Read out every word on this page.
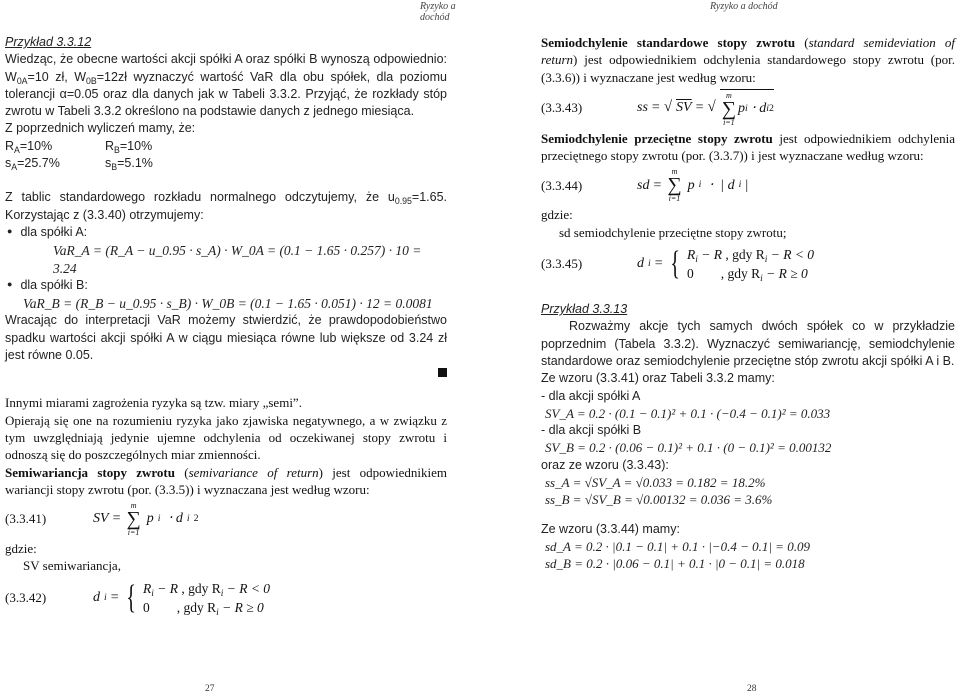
Ryzyko a dochód
Przykład 3.3.12

Wiedząc, że obecne wartości akcji spółki A oraz spółki B wynoszą odpowiednio: $W_{0A}=10$ zł, $W_{0B}=12zł$ wyznaczyć wartość VaR dla obu spółek, dla poziomu tolerancji α=0.05 oraz dla danych jak w Tabeli 3.3.2. Przyjąć, że rozkłady stóp zwrotu w Tabeli 3.3.2 określono na podstawie danych z jednego miesiąca.

Z poprzednich wyliczeń mamy, że:
$R_A=10\%$	$R_B=10\%$
$s_A=25.7\%$	$s_B=5.1\%$

Z tablic standardowego rozkładu normalnego odczytujemy, że $u_{0.95}=1.65$. Korzystając z (3.3.40) otrzymujemy:

● dla spółki A:
VaR_A = (R_A − u_0.95 · s_A) · W_0A = (0.1 − 1.65 · 0.257) · 10 = 3.24
● dla spółki B:
VaR_B = (R_B − u_0.95 · s_B) · W_0B = (0.1 − 1.65 · 0.051) · 12 = 0.0081

Wracając do interpretacji VaR możemy stwierdzić, że prawdopodobieństwo spadku wartości akcji spółki A w ciągu miesiąca równe lub większe od 3.24 zł jest równe 0.05.

Innymi miarami zagrożenia ryzyka są tzw. miary „semi”.

Opierają się one na rozumieniu ryzyka jako zjawiska negatywnego, a w związku z tym uwzględniają jedynie ujemne odchylenia od oczekiwanej stopy zwrotu i odnoszą się do poszczególnych miar zmienności.

Semiwariancja stopy zwrotu (semivariance of return) jest odpowiednikiem wariancji stopy zwrotu (por. (3.3.5)) i wyznaczana jest według wzoru:

(3.3.41)	SV =
m
∑
i=1
p i ⋅ d i 2
gdzie:
SV semiwariancja,
(3.3.42)	d i = { $R_i - R$ , gdy $R_i - R < 0$
0        , gdy $R_i - R \ge 0$
27
Ryzyko a dochód

Semiodchylenie standardowe stopy zwrotu (standard semideviation of return) jest odpowiednikiem odchylenia standardowego stopy zwrotu (por. (3.3.6)) i wyznaczane jest według wzoru:

(3.3.43)	ss = √ SV = √
m
∑
i=1
p i ⋅ d i 2

Semiodchylenie przeciętne stopy zwrotu jest odpowiednikiem odchylenia przeciętnego stopy zwrotu (por. (3.3.7)) i jest wyznaczane według wzoru:

(3.3.44)	sd =
m
∑
i=1
p i ⋅ | d i |
gdzie:
sd semiodchylenie przeciętne stopy zwrotu;
(3.3.45)	d i = { $R_i - R$ , gdy $R_i - R < 0$
0        , gdy $R_i - R \ge 0$
Przykład 3.3.13

Rozważmy akcje tych samych dwóch spółek co w przykładzie poprzednim (Tabela 3.3.2). Wyznaczyć semiwariancję, semiodchylenie standardowe oraz semiodchylenie przeciętne stóp zwrotu akcji spółki A i B.

Ze wzoru (3.3.41) oraz Tabeli 3.3.2 mamy:
- dla akcji spółki A
SV_A = 0.2 · (0.1 − 0.1)² + 0.1 · (−0.4 − 0.1)² = 0.033
- dla akcji spółki B
SV_B = 0.2 · (0.06 − 0.1)² + 0.1 · (0 − 0.1)² = 0.00132
oraz ze wzoru (3.3.43):
ss_A = √SV_A = √0.033 = 0.182 = 18.2%
ss_B = √SV_B = √0.00132 = 0.036 = 3.6%
Ze wzoru (3.3.44) mamy:
sd_A = 0.2 · |0.1 − 0.1| + 0.1 · |−0.4 − 0.1| = 0.09
sd_B = 0.2 · |0.06 − 0.1| + 0.1 · |0 − 0.1| = 0.018
28
